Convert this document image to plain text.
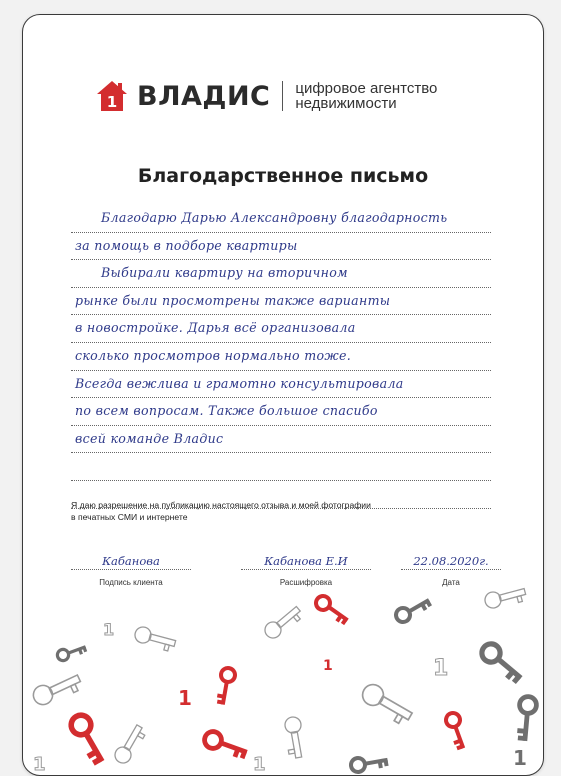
1 ВЛАДИС цифровое агентство
недвижимости
Благодарственное письмо
Благодарю Дарью Александровну благодарность
за помощь в подборе квартиры
Выбирали квартиру на вторичном
рынке были просмотрены также варианты
в новостройке. Дарья всё организовала
сколько просмотров нормально тоже.
Всегда вежлива и грамотно консультировала
по всем вопросам. Также большое спасибо
всей команде Владис
Я даю разрешение на публикацию настоящего отзыва и моей фотографии
в печатных СМИ и интернете
Кабанова
Подпись клиента
Кабанова Е.И
Расшифровка
22.08.2020г.
Дата
1
1
1
1
1	1
1
